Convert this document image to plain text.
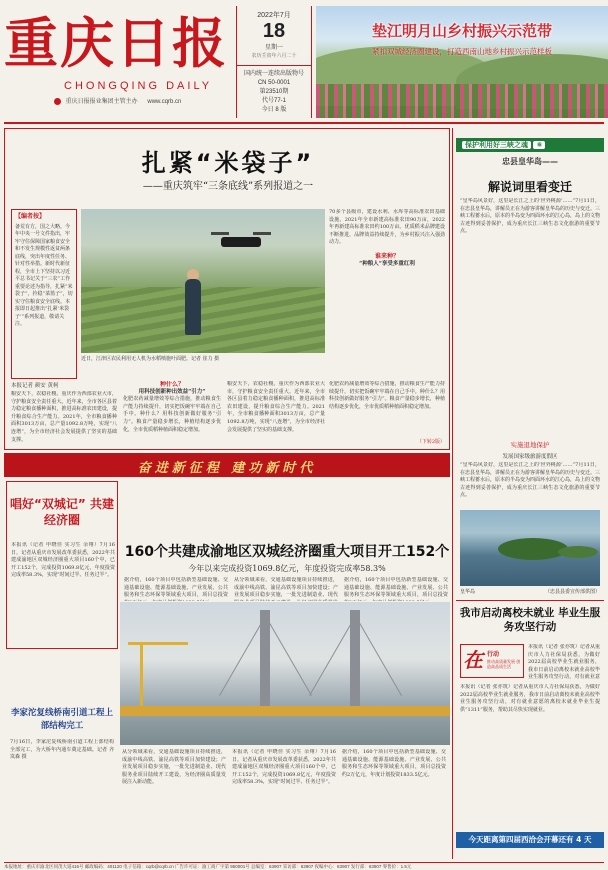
重庆日报
CHONGQING DAILY
重庆日报报业集团主管主办 www.cqrb.cn
2022年7月
18
星期一
农历壬寅年六月二十
国内统一连续出版物号
CN 50-0001
第23510期
代号77-1
今日 8 版
垫江明月山乡村振兴示范带
紧扣双城经济圈建设，打造西南山地乡村振兴示范样板
扎紧“米袋子”
——重庆筑牢“三条底线”系列报道之一
【编者按】
备荒有方，国之大略。今年中央一号文件指出，牢牢守住保障国家粮食安全和不发生规模性返贫两条底线，突出年度性任务、针对性举措。新时代新征程，全市上下坚持以习近平总书记关于“三农”工作重要论述为指导，扎紧“米袋子”，拎稳“菜篮子”，切实守住粮食安全底线。本报即日起推出“扎紧‘米袋子’”系列报道，敬请关注。
近日，江津区农民利用无人机为水稻喷施叶面肥。记者 崔力 摄
70多个县级市，建设水利、水库等高标准农田基础设施。2021年全市新建高标准农田90万亩，2022年再新建高标准农田约100万亩。优质稻米品牌建设不断推进，品牌效益持续提升，为乡村振兴注入强劲动力。
谁来种？
“种粮人”享受多重红利
本报记者 颜安 黄柯
粮安天下，农稳社稷。重庆作为西部农业大市，守护粮食安全责任重大。近年来，全市各区县着力稳定粮食播种面积，推进高标准农田建设，提升粮食综合生产能力。2021年，全市粮食播种面积3013万亩，总产量1092.8万吨，实现“八连增”，为全市经济社会发展提供了坚实的基础支撑。
种什么？
用科技创新种出效益“引力”
化肥农药减量增效等综合措施，推动粮食生产能力持续提升，切实把饭碗牢牢端在自己手中。种什么？用科技创新做好服务“引力”。粮食产量稳步增长，种植结构逐步优化，全市优质稻种植面积稳定增加。
粮安天下，农稳社稷。重庆作为西部农业大市，守护粮食安全责任重大。近年来，全市各区县着力稳定粮食播种面积，推进高标准农田建设，提升粮食综合生产能力。2021年，全市粮食播种面积3013万亩，总产量1092.8万吨，实现“八连增”，为全市经济社会发展提供了坚实的基础支撑。
化肥农药减量增效等综合措施，推动粮食生产能力持续提升，切实把饭碗牢牢端在自己手中。种什么？用科技创新做好服务“引力”。粮食产量稳步增长，种植结构逐步优化，全市优质稻种植面积稳定增加。
（下转2版）
奋进新征程 建功新时代
唱好“双城记” 共建经济圈
本报讯（记者 申晓佳 实习生 余翔）7月16日，记者从重庆市发展改革委获悉，2022年共建成渝地区双城经济圈重大项目160个中，已开工152个，完成投资1069.8亿元，年度投资完成率58.3%，实现“时间过半、任务过半”。
160个共建成渝地区双城经济圈重大项目开工152个
今年以来完成投资1069.8亿元，年度投资完成率58.3%
据介绍，160个项目中包括新型基础设施、交通基础设施、能源基础设施、产业发展、公共服务和生态环保等领域重大项目，项目总投资
从分领域来看，交通基础设施项目持续推进，成渝中线高铁、渝昆高铁等项目加快建设；产业发展项目稳步实施，一批先进制造业、现代
据介绍，160个项目中包括新型基础设施、交通基础设施、能源基础设施、产业发展、公共服务和生态环保等领域重大项目，项目总投资
李家沱复线桥南引道工程上部结构完工
7月16日，李家沱复线桥南引道工程上部结构全部完工，为大桥年内通车奠定基础。记者 齐岚森 摄
从分领域来看，交通基础设施项目持续推进，成渝中线高铁、渝昆高铁等项目加快建设；产业发展项目稳步实施，一批先进制造业、现代服务业项目陆续开工建设，为经济圈高质量发展注入新动能。
本报讯（记者 申晓佳 实习生 余翔）7月16日，记者从重庆市发展改革委获悉，2022年共建成渝地区双城经济圈重大项目160个中，已开工152个，完成投资1069.8亿元，年度投资完成率58.3%，实现“时间过半、任务过半”。
据介绍，160个项目中包括新型基础设施、交通基础设施、能源基础设施、产业发展、公共服务和生态环保等领域重大项目，项目总投资约2万亿元，年度计划投资1833.5亿元。
保护利用好三峡之魂 ⑥
忠县皇华岛——
解说词里看变迁
“皇华岛风景好，这里是长江之上的‘世外桃源’……”7月11日，在忠县皇华岛，讲解员正在为游客讲解皇华岛的历史与变迁。三峡工程蓄水后，原本的半岛变为四面环水的江心岛，岛上的文物古迹得到妥善保护，成为重庆长江三峡生态文化旅游的重要节点。
实施退地保护
发展国家级旅游度假区
“皇华岛风景好，这里是长江之上的‘世外桃源’……”7月11日，在忠县皇华岛，讲解员正在为游客讲解皇华岛的历史与变迁。三峡工程蓄水后，原本的半岛变为四面环水的江心岛，岛上的文物古迹得到妥善保护，成为重庆长江三峡生态文化旅游的重要节点。
皇华岛	（忠县县委宣传部供图）
我市启动离校未就业 毕业生服务攻坚行动
在 行动
推动高质量发展 创造高品质生活
本报讯（记者 张亦筑）记者从重庆市人力社保局获悉，为做好2022届高校毕业生就业服务，我市日前启动离校未就业高校毕业生服务攻坚行动，对有就业意
本报讯（记者 张亦筑）记者从重庆市人力社保局获悉，为做好2022届高校毕业生就业服务，我市日前启动离校未就业高校毕业生服务攻坚行动，对有就业意愿的离校未就业毕业生提供“1311”服务，帮助其尽快实现就业。
今天距离第四届西洽会开幕还有 4 天
本报地址：重庆市渝北区同茂大道416号 邮政编码：401120 电子信箱：cqrb@cqrb.cn 广告许可证：渝工商广字第 950001号 总编室：63907 采访部：63907 夜编中心：63907 发行部：63907 零售价：1.5元
